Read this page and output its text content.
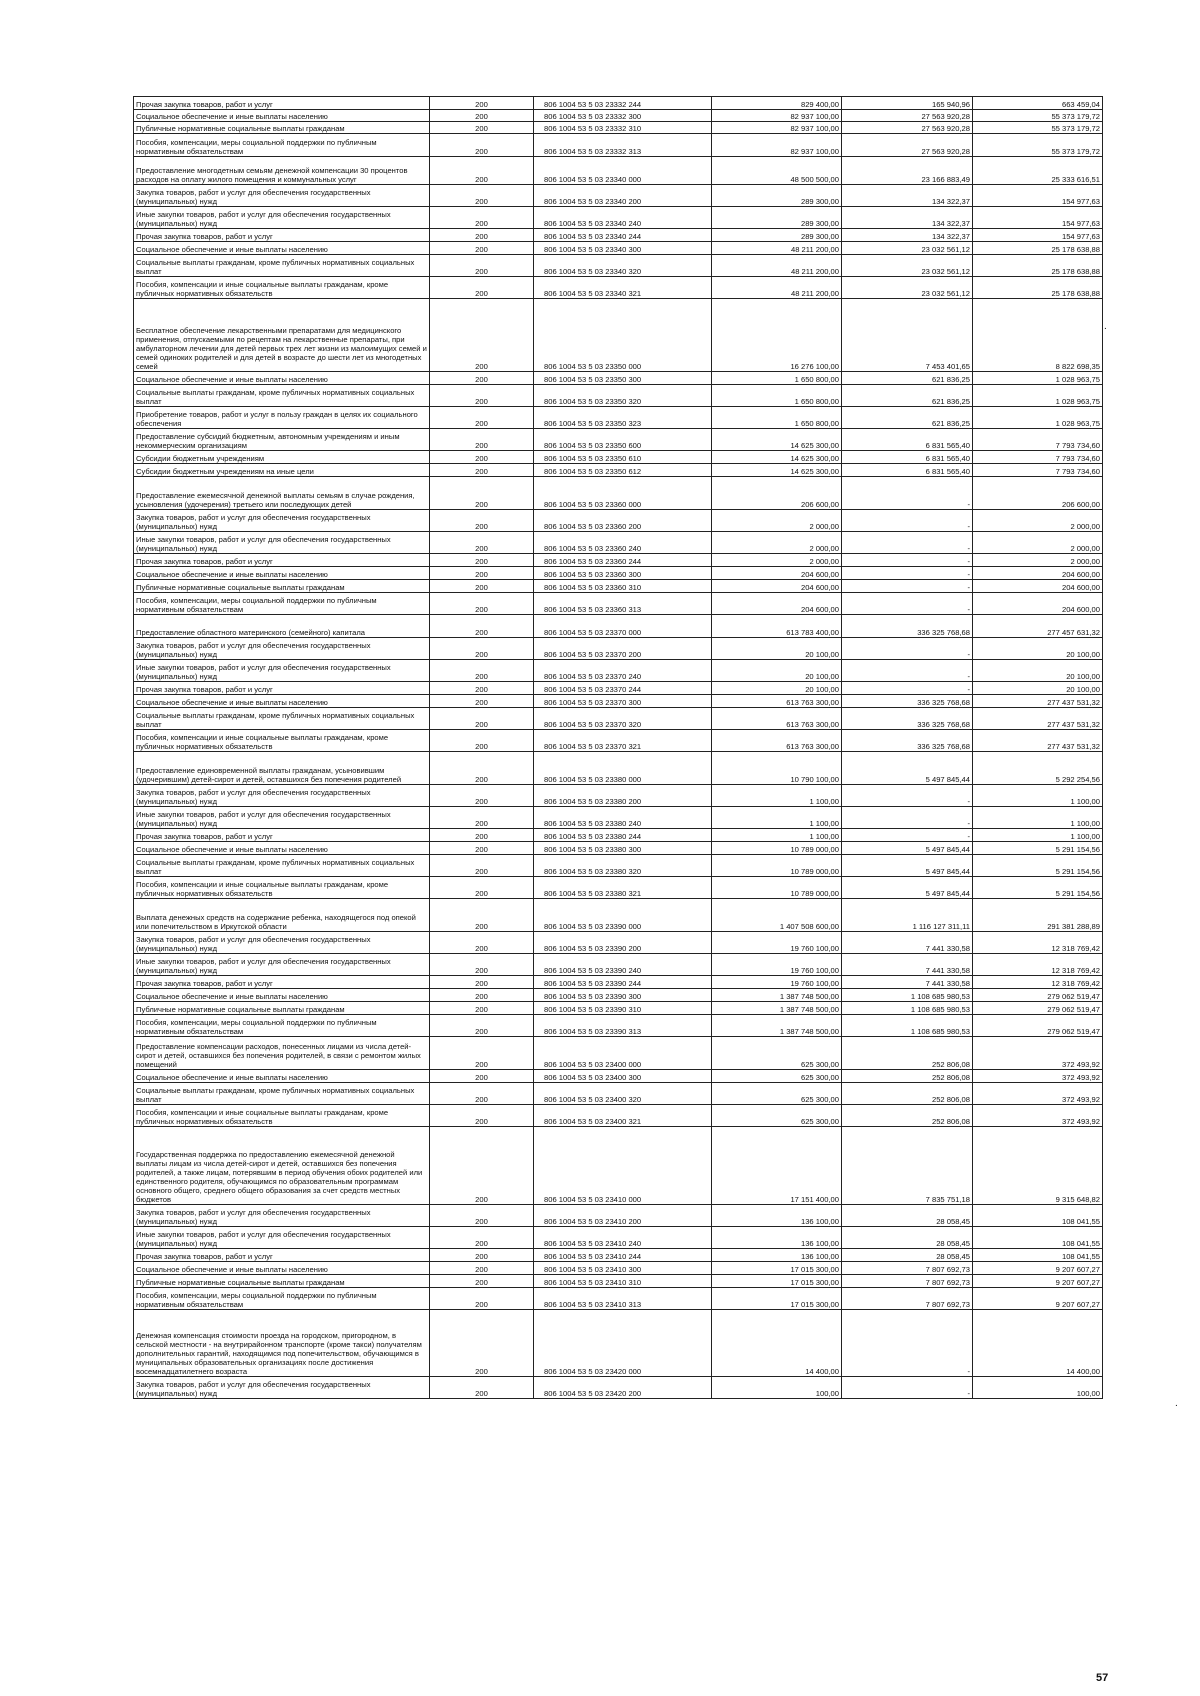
Прочая закупка товаров, работ и услуг	200	806 1004 53 5 03 23332 244	829 400,00	165 940,96	663 459,04
Социальное обеспечение и иные выплаты населению	200	806 1004 53 5 03 23332 300	82 937 100,00	27 563 920,28	55 373 179,72
Публичные нормативные социальные выплаты гражданам	200	806 1004 53 5 03 23332 310	82 937 100,00	27 563 920,28	55 373 179,72
Пособия, компенсации, меры социальной поддержки по публичным нормативным обязательствам	200	806 1004 53 5 03 23332 313	82 937 100,00	27 563 920,28	55 373 179,72
Предоставление многодетным семьям денежной компенсации 30 процентов расходов на оплату жилого помещения и коммунальных услуг	200	806 1004 53 5 03 23340 000	48 500 500,00	23 166 883,49	25 333 616,51
Закупка товаров, работ и услуг для обеспечения государственных (муниципальных) нужд	200	806 1004 53 5 03 23340 200	289 300,00	134 322,37	154 977,63
Иные закупки товаров, работ и услуг для обеспечения государственных (муниципальных) нужд	200	806 1004 53 5 03 23340 240	289 300,00	134 322,37	154 977,63
Прочая закупка товаров, работ и услуг	200	806 1004 53 5 03 23340 244	289 300,00	134 322,37	154 977,63
Социальное обеспечение и иные выплаты населению	200	806 1004 53 5 03 23340 300	48 211 200,00	23 032 561,12	25 178 638,88
Социальные выплаты гражданам, кроме публичных нормативных социальных выплат	200	806 1004 53 5 03 23340 320	48 211 200,00	23 032 561,12	25 178 638,88
Пособия, компенсации и иные социальные выплаты гражданам, кроме публичных нормативных обязательств	200	806 1004 53 5 03 23340 321	48 211 200,00	23 032 561,12	25 178 638,88
Бесплатное обеспечение лекарственными препаратами для медицинского применения, отпускаемыми по рецептам на лекарственные препараты, при амбулаторном лечении для детей первых трех лет жизни из малоимущих семей и семей одиноких родителей и для детей в возрасте до шести лет из многодетных семей	200	806 1004 53 5 03 23350 000	16 276 100,00	7 453 401,65	8 822 698,35
Социальное обеспечение и иные выплаты населению	200	806 1004 53 5 03 23350 300	1 650 800,00	621 836,25	1 028 963,75
Социальные выплаты гражданам, кроме публичных нормативных социальных выплат	200	806 1004 53 5 03 23350 320	1 650 800,00	621 836,25	1 028 963,75
Приобретение товаров, работ и услуг в пользу граждан в целях их социального обеспечения	200	806 1004 53 5 03 23350 323	1 650 800,00	621 836,25	1 028 963,75
Предоставление субсидий бюджетным, автономным учреждениям и иным некоммерческим организациям	200	806 1004 53 5 03 23350 600	14 625 300,00	6 831 565,40	7 793 734,60
Субсидии бюджетным учреждениям	200	806 1004 53 5 03 23350 610	14 625 300,00	6 831 565,40	7 793 734,60
Субсидии бюджетным учреждениям на иные цели	200	806 1004 53 5 03 23350 612	14 625 300,00	6 831 565,40	7 793 734,60
Предоставление ежемесячной денежной выплаты семьям в случае рождения, усыновления (удочерения) третьего или последующих детей	200	806 1004 53 5 03 23360 000	206 600,00	-	206 600,00
Закупка товаров, работ и услуг для обеспечения государственных (муниципальных) нужд	200	806 1004 53 5 03 23360 200	2 000,00	-	2 000,00
Иные закупки товаров, работ и услуг для обеспечения государственных (муниципальных) нужд	200	806 1004 53 5 03 23360 240	2 000,00	-	2 000,00
Прочая закупка товаров, работ и услуг	200	806 1004 53 5 03 23360 244	2 000,00	-	2 000,00
Социальное обеспечение и иные выплаты населению	200	806 1004 53 5 03 23360 300	204 600,00	-	204 600,00
Публичные нормативные социальные выплаты гражданам	200	806 1004 53 5 03 23360 310	204 600,00	-	204 600,00
Пособия, компенсации, меры социальной поддержки по публичным нормативным обязательствам	200	806 1004 53 5 03 23360 313	204 600,00	-	204 600,00
Предоставление областного материнского (семейного) капитала	200	806 1004 53 5 03 23370 000	613 783 400,00	336 325 768,68	277 457 631,32
Закупка товаров, работ и услуг для обеспечения государственных (муниципальных) нужд	200	806 1004 53 5 03 23370 200	20 100,00	-	20 100,00
Иные закупки товаров, работ и услуг для обеспечения государственных (муниципальных) нужд	200	806 1004 53 5 03 23370 240	20 100,00	-	20 100,00
Прочая закупка товаров, работ и услуг	200	806 1004 53 5 03 23370 244	20 100,00	-	20 100,00
Социальное обеспечение и иные выплаты населению	200	806 1004 53 5 03 23370 300	613 763 300,00	336 325 768,68	277 437 531,32
Социальные выплаты гражданам, кроме публичных нормативных социальных выплат	200	806 1004 53 5 03 23370 320	613 763 300,00	336 325 768,68	277 437 531,32
Пособия, компенсации и иные социальные выплаты гражданам, кроме публичных нормативных обязательств	200	806 1004 53 5 03 23370 321	613 763 300,00	336 325 768,68	277 437 531,32
Предоставление единовременной выплаты гражданам, усыновившим (удочерившим) детей-сирот и детей, оставшихся без попечения родителей	200	806 1004 53 5 03 23380 000	10 790 100,00	5 497 845,44	5 292 254,56
Закупка товаров, работ и услуг для обеспечения государственных (муниципальных) нужд	200	806 1004 53 5 03 23380 200	1 100,00	-	1 100,00
Иные закупки товаров, работ и услуг для обеспечения государственных (муниципальных) нужд	200	806 1004 53 5 03 23380 240	1 100,00	-	1 100,00
Прочая закупка товаров, работ и услуг	200	806 1004 53 5 03 23380 244	1 100,00	-	1 100,00
Социальное обеспечение и иные выплаты населению	200	806 1004 53 5 03 23380 300	10 789 000,00	5 497 845,44	5 291 154,56
Социальные выплаты гражданам, кроме публичных нормативных социальных выплат	200	806 1004 53 5 03 23380 320	10 789 000,00	5 497 845,44	5 291 154,56
Пособия, компенсации и иные социальные выплаты гражданам, кроме публичных нормативных обязательств	200	806 1004 53 5 03 23380 321	10 789 000,00	5 497 845,44	5 291 154,56
Выплата денежных средств на содержание ребенка, находящегося под опекой или попечительством в Иркутской области	200	806 1004 53 5 03 23390 000	1 407 508 600,00	1 116 127 311,11	291 381 288,89
Закупка товаров, работ и услуг для обеспечения государственных (муниципальных) нужд	200	806 1004 53 5 03 23390 200	19 760 100,00	7 441 330,58	12 318 769,42
Иные закупки товаров, работ и услуг для обеспечения государственных (муниципальных) нужд	200	806 1004 53 5 03 23390 240	19 760 100,00	7 441 330,58	12 318 769,42
Прочая закупка товаров, работ и услуг	200	806 1004 53 5 03 23390 244	19 760 100,00	7 441 330,58	12 318 769,42
Социальное обеспечение и иные выплаты населению	200	806 1004 53 5 03 23390 300	1 387 748 500,00	1 108 685 980,53	279 062 519,47
Публичные нормативные социальные выплаты гражданам	200	806 1004 53 5 03 23390 310	1 387 748 500,00	1 108 685 980,53	279 062 519,47
Пособия, компенсации, меры социальной поддержки по публичным нормативным обязательствам	200	806 1004 53 5 03 23390 313	1 387 748 500,00	1 108 685 980,53	279 062 519,47
Предоставление компенсации расходов, понесенных лицами из числа детей-сирот и детей, оставшихся без попечения родителей, в связи с ремонтом жилых помещений	200	806 1004 53 5 03 23400 000	625 300,00	252 806,08	372 493,92
Социальное обеспечение и иные выплаты населению	200	806 1004 53 5 03 23400 300	625 300,00	252 806,08	372 493,92
Социальные выплаты гражданам, кроме публичных нормативных социальных выплат	200	806 1004 53 5 03 23400 320	625 300,00	252 806,08	372 493,92
Пособия, компенсации и иные социальные выплаты гражданам, кроме публичных нормативных обязательств	200	806 1004 53 5 03 23400 321	625 300,00	252 806,08	372 493,92
Государственная поддержка по предоставлению ежемесячной денежной выплаты лицам из числа детей-сирот и детей, оставшихся без попечения родителей, а также лицам, потерявшим в период обучения обоих родителей или единственного родителя, обучающимся по образовательным программам основного общего, среднего общего образования за счет средств местных бюджетов	200	806 1004 53 5 03 23410 000	17 151 400,00	7 835 751,18	9 315 648,82
Закупка товаров, работ и услуг для обеспечения государственных (муниципальных) нужд	200	806 1004 53 5 03 23410 200	136 100,00	28 058,45	108 041,55
Иные закупки товаров, работ и услуг для обеспечения государственных (муниципальных) нужд	200	806 1004 53 5 03 23410 240	136 100,00	28 058,45	108 041,55
Прочая закупка товаров, работ и услуг	200	806 1004 53 5 03 23410 244	136 100,00	28 058,45	108 041,55
Социальное обеспечение и иные выплаты населению	200	806 1004 53 5 03 23410 300	17 015 300,00	7 807 692,73	9 207 607,27
Публичные нормативные социальные выплаты гражданам	200	806 1004 53 5 03 23410 310	17 015 300,00	7 807 692,73	9 207 607,27
Пособия, компенсации, меры социальной поддержки по публичным нормативным обязательствам	200	806 1004 53 5 03 23410 313	17 015 300,00	7 807 692,73	9 207 607,27
Денежная компенсация стоимости проезда на городском, пригородном, в сельской местности - на внутрирайонном транспорте (кроме такси) получателям дополнительных гарантий, находящимся под попечительством, обучающимся в муниципальных образовательных организациях после достижения восемнадцатилетнего возраста	200	806 1004 53 5 03 23420 000	14 400,00	-	14 400,00
Закупка товаров, работ и услуг для обеспечения государственных (муниципальных) нужд	200	806 1004 53 5 03 23420 200	100,00	-	100,00
.
.
57
